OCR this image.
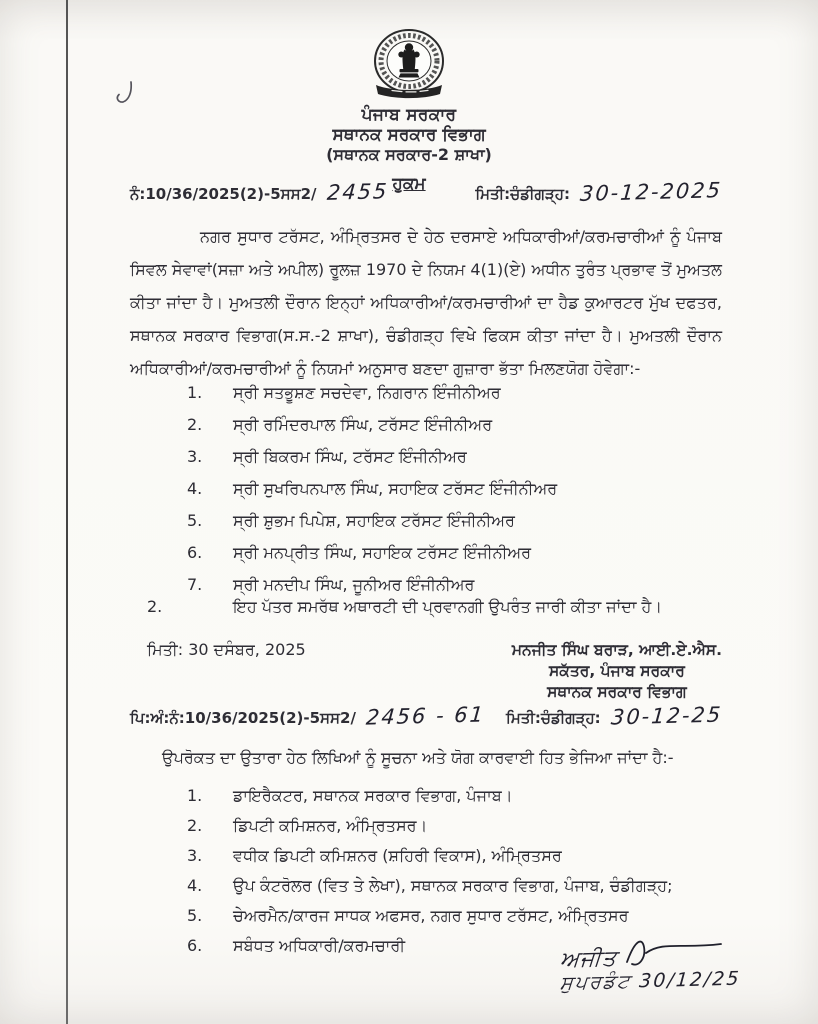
ਪੰਜਾਬ ਸਰਕਾਰ
ਸਥਾਨਕ ਸਰਕਾਰ ਵਿਭਾਗ
(ਸਥਾਨਕ ਸਰਕਾਰ-2 ਸ਼ਾਖਾ)
ਹੁਕਮ
ਨੰ:10/36/2025(2)-5ਸਸ2/ 2455	ਮਿਤੀ:ਚੰਡੀਗੜ੍ਹ: 30-12-2025
ਨਗਰ ਸੁਧਾਰ ਟਰੱਸਟ, ਅੰਮ੍ਰਿਤਸਰ ਦੇ ਹੇਠ ਦਰਸਾਏ ਅਧਿਕਾਰੀਆਂ/ਕਰਮਚਾਰੀਆਂ ਨੂੰ ਪੰਜਾਬ ਸਿਵਲ ਸੇਵਾਵਾਂ(ਸਜ਼ਾ ਅਤੇ ਅਪੀਲ) ਰੂਲਜ਼ 1970 ਦੇ ਨਿਯਮ 4(1)(ਏ) ਅਧੀਨ ਤੁਰੰਤ ਪ੍ਰਭਾਵ ਤੋਂ ਮੁਅਤਲ ਕੀਤਾ ਜਾਂਦਾ ਹੈ। ਮੁਅਤਲੀ ਦੌਰਾਨ ਇਨ੍ਹਾਂ ਅਧਿਕਾਰੀਆਂ/ਕਰਮਚਾਰੀਆਂ ਦਾ ਹੈਡ ਕੁਆਰਟਰ ਮੁੱਖ ਦਫਤਰ, ਸਥਾਨਕ ਸਰਕਾਰ ਵਿਭਾਗ(ਸ.ਸ.-2 ਸ਼ਾਖਾ), ਚੰਡੀਗੜ੍ਹ ਵਿਖੇ ਫਿਕਸ ਕੀਤਾ ਜਾਂਦਾ ਹੈ। ਮੁਅਤਲੀ ਦੌਰਾਨ ਅਧਿਕਾਰੀਆਂ/ਕਰਮਚਾਰੀਆਂ ਨੂੰ ਨਿਯਮਾਂ ਅਨੁਸਾਰ ਬਣਦਾ ਗੁਜ਼ਾਰਾ ਭੱਤਾ ਮਿਲਣਯੋਗ ਹੋਵੇਗਾ:-
1.	ਸ੍ਰੀ ਸਤਭੂਸ਼ਣ ਸਚਦੇਵਾ, ਨਿਗਰਾਨ ਇੰਜੀਨੀਅਰ
2.	ਸ੍ਰੀ ਰਮਿੰਦਰਪਾਲ ਸਿੰਘ, ਟਰੱਸਟ ਇੰਜੀਨੀਅਰ
3.	ਸ੍ਰੀ ਬਿਕਰਮ ਸਿੰਘ, ਟਰੱਸਟ ਇੰਜੀਨੀਅਰ
4.	ਸ੍ਰੀ ਸੁਖਰਿਪਨਪਾਲ ਸਿੰਘ, ਸਹਾਇਕ ਟਰੱਸਟ ਇੰਜੀਨੀਅਰ
5.	ਸ੍ਰੀ ਸ਼ੁਭਮ ਪਿਪੇਸ਼, ਸਹਾਇਕ ਟਰੱਸਟ ਇੰਜੀਨੀਅਰ
6.	ਸ੍ਰੀ ਮਨਪ੍ਰੀਤ ਸਿੰਘ, ਸਹਾਇਕ ਟਰੱਸਟ ਇੰਜੀਨੀਅਰ
7.	ਸ੍ਰੀ ਮਨਦੀਪ ਸਿੰਘ, ਜੂਨੀਅਰ ਇੰਜੀਨੀਅਰ
2.	ਇਹ ਪੱਤਰ ਸਮਰੱਥ ਅਥਾਰਟੀ ਦੀ ਪ੍ਰਵਾਨਗੀ ਉਪਰੰਤ ਜਾਰੀ ਕੀਤਾ ਜਾਂਦਾ ਹੈ।
ਮਿਤੀ: 30 ਦਸੰਬਰ, 2025	ਮਨਜੀਤ ਸਿੰਘ ਬਰਾੜ, ਆਈ.ਏ.ਐਸ.
ਸਕੱਤਰ, ਪੰਜਾਬ ਸਰਕਾਰ
ਸਥਾਨਕ ਸਰਕਾਰ ਵਿਭਾਗ
ਪਿ:ਅੰ:ਨੰ:10/36/2025(2)-5ਸਸ2/ 2456 - 61 ਮਿਤੀ:ਚੰਡੀਗੜ੍ਹ: 30-12-25
ਉਪਰੋਕਤ ਦਾ ਉਤਾਰਾ ਹੇਠ ਲਿਖਿਆਂ ਨੂੰ ਸੂਚਨਾ ਅਤੇ ਯੋਗ ਕਾਰਵਾਈ ਹਿਤ ਭੇਜਿਆ ਜਾਂਦਾ ਹੈ:-
1.	ਡਾਇਰੈਕਟਰ, ਸਥਾਨਕ ਸਰਕਾਰ ਵਿਭਾਗ, ਪੰਜਾਬ।
2.	ਡਿਪਟੀ ਕਮਿਸ਼ਨਰ, ਅੰਮ੍ਰਿਤਸਰ।
3.	ਵਧੀਕ ਡਿਪਟੀ ਕਮਿਸ਼ਨਰ (ਸ਼ਹਿਰੀ ਵਿਕਾਸ), ਅੰਮ੍ਰਿਤਸਰ
4.	ਉਪ ਕੰਟਰੋਲਰ (ਵਿਤ ਤੇ ਲੇਖਾ), ਸਥਾਨਕ ਸਰਕਾਰ ਵਿਭਾਗ, ਪੰਜਾਬ, ਚੰਡੀਗੜ੍ਹ;
5.	ਚੇਅਰਮੈਨ/ਕਾਰਜ ਸਾਧਕ ਅਫਸਰ, ਨਗਰ ਸੁਧਾਰ ਟਰੱਸਟ, ਅੰਮ੍ਰਿਤਸਰ
6.	ਸਬੰਧਤ ਅਧਿਕਾਰੀ/ਕਰਮਚਾਰੀ
ਅਜੀਤ
ਸੁਪਰਡੰਟ 30/12/25
